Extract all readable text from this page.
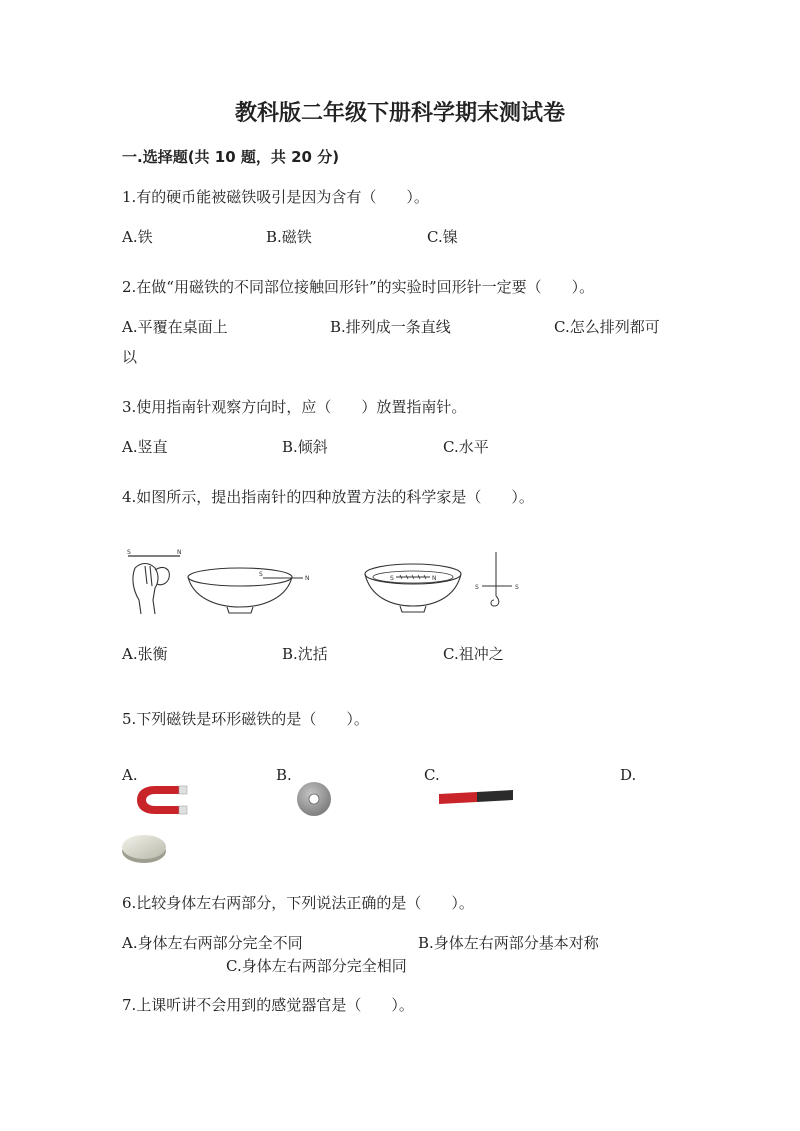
教科版二年级下册科学期末测试卷
一.选择题(共 10 题，共 20 分)
1.有的硬币能被磁铁吸引是因为含有（　　）。
A.铁	B.磁铁	C.镍
2.在做“用磁铁的不同部位接触回形针”的实验时回形针一定要（　　）。
A.平覆在桌面上	B.排列成一条直线	C.怎么排列都可
以
3.使用指南针观察方向时，应（　　）放置指南针。
A.竖直	B.倾斜	C.水平
4.如图所示，提出指南针的四种放置方法的科学家是（　　）。
S	N
S
N	S	N
S	S
A.张衡	B.沈括	C.祖冲之
5.下列磁铁是环形磁铁的是（　　）。
A.	B.	C.	D.
6.比较身体左右两部分，下列说法正确的是（　　）。
A.身体左右两部分完全不同	B.身体左右两部分基本对称
C.身体左右两部分完全相同
7.上课听讲不会用到的感觉器官是（　　）。
